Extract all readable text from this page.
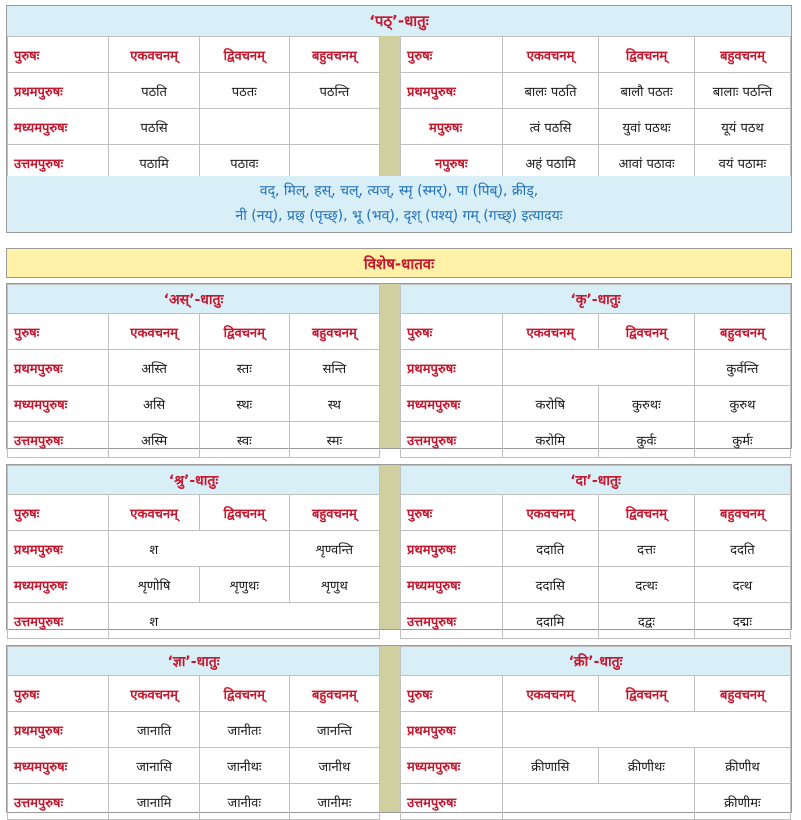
‘पठ्’-धातुः
पुरुषः	एकवचनम्	द्विवचनम्	बहुवचनम्
प्रथमपुरुषः	पठति	पठतः	पठन्ति
मध्यमपुरुषः	पठसि		
उत्तमपुरुषः	पठामि	पठावः	
पुरुषः	एकवचनम्	द्विवचनम्	बहुवचनम्
प्रथमपुरुषः	बालः पठति	बालौ पठतः	बालाः पठन्ति
मपुरुषः	त्वं पठसि	युवां पठथः	यूयं पठथ
नपुरुषः	अहं पठामि	आवां पठावः	वयं पठामः
वद्, मिल्, हस्, चल्, त्यज्, स्मृ (स्मर्), पा (पिब्), क्रीड्,
नी (नय्), प्रछ् (पृच्छ्), भू (भव्), दृश् (पश्य्) गम् (गच्छ्) इत्यादयः
विशेष-धातवः
‘अस्’-धातुः			
पुरुषः	एकवचनम्	द्विवचनम्	बहुवचनम्
प्रथमपुरुषः	अस्ति	स्तः	सन्ति
मध्यमपुरुषः	असि	स्थः	स्थ
उत्तमपुरुषः	अस्मि	स्वः	स्मः
‘कृ’-धातुः			
पुरुषः	एकवचनम्	द्विवचनम्	बहुवचनम्
प्रथमपुरुषः			कुर्वन्ति
मध्यमपुरुषः	करोषि	कुरुथः	कुरुथ
उत्तमपुरुषः	करोमि	कुर्वः	कुर्मः
‘श्रु’-धातुः			
पुरुषः	एकवचनम्	द्विवचनम्	बहुवचनम्
प्रथमपुरुषः	श		शृण्वन्ति
मध्यमपुरुषः	शृणोषि	शृणुथः	शृणुथ
उत्तमपुरुषः	श		
‘दा’-धातुः			
पुरुषः	एकवचनम्	द्विवचनम्	बहुवचनम्
प्रथमपुरुषः	ददाति	दत्तः	ददति
मध्यमपुरुषः	ददासि	दत्थः	दत्थ
उत्तमपुरुषः	ददामि	दद्वः	दद्मः
‘ज्ञा’-धातुः			
पुरुषः	एकवचनम्	द्विवचनम्	बहुवचनम्
प्रथमपुरुषः	जानाति	जानीतः	जानन्ति
मध्यमपुरुषः	जानासि	जानीथः	जानीथ
उत्तमपुरुषः	जानामि	जानीवः	जानीमः
‘क्री’-धातुः			
पुरुषः	एकवचनम्	द्विवचनम्	बहुवचनम्
प्रथमपुरुषः			
मध्यमपुरुषः	क्रीणासि	क्रीणीथः	क्रीणीथ
उत्तमपुरुषः			क्रीणीमः
